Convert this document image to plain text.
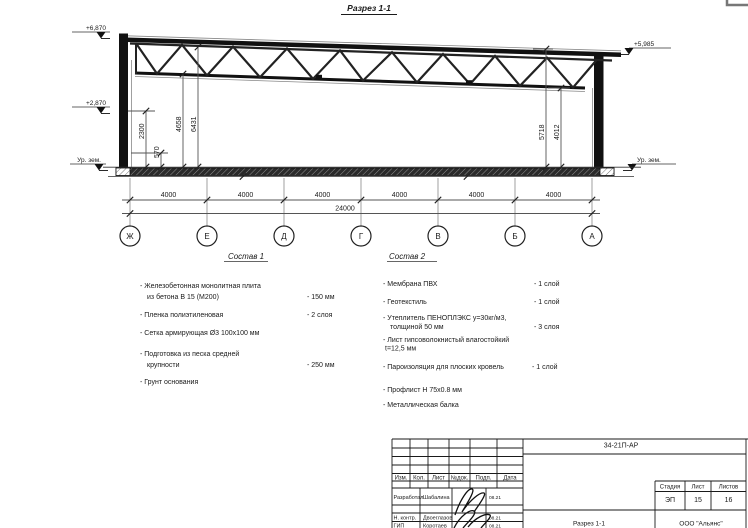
Разрез 1-1
+6,870
+2,870
Ур. зем.
+5,985
Ур. зем.
2300
570
4658 6431
5718 4012
4000	4000	4000	4000	4000	4000
24000
Ж	Е	Д	Г	В	Б	А
Состав 1
- Железобетонная монолитная плита
из бетона В 15 (М200)	- 150 мм
- Пленка полиэтиленовая	- 2 слоя
- Сетка армирующая Ø3 100x100 мм
- Подготовка из песка средней
крупности	- 250 мм
- Грунт основания
Состав 2
- Мембрана ПВХ	- 1 слой
- Геотекстиль	- 1 слой
- Утеплитель ПЕНОПЛЭКС у=30кг/м3,
толщиной 50 мм	- 3 слоя
- Лист гипсоволокнистый влагостойкий
t=12,5 мм
- Пароизоляция для плоских кровель	- 1 слой
- Профлист Н 75x0.8 мм
- Металлическая балка
34-21П-АР
Изм. Кол. Лист №док. Подп. Дата
Разработал Шабалина	08.21
Н. контр. Двоеглазов	08.21
ГИП	Коротаев	08.21
Стадия Лист Листов
ЭП	15	16
Разрез 1-1	ООО "Альянс"
